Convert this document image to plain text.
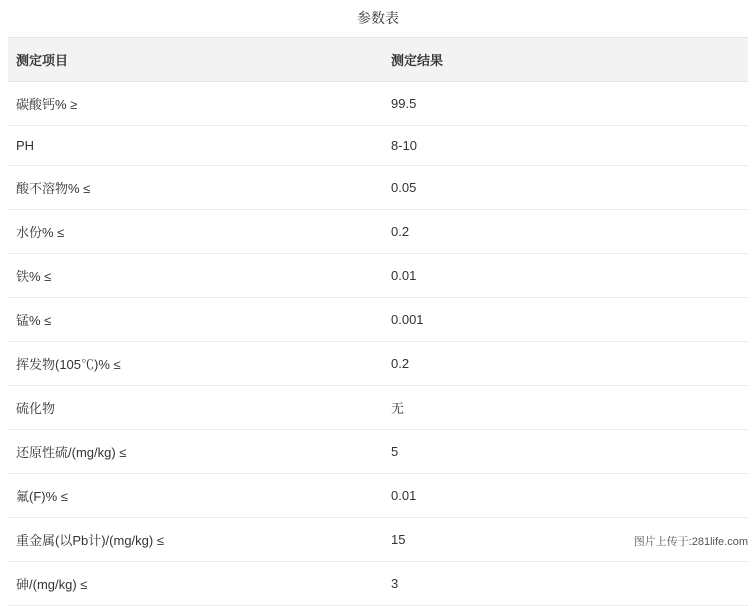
参数表
测定项目	测定结果
碳酸钙% ≥	99.5
PH	8-10
酸不溶物% ≤	0.05
水份% ≤	0.2
铁% ≤	0.01
锰% ≤	0.001
挥发物(105℃)% ≤	0.2
硫化物	无
还原性硫/(mg/kg) ≤	5
氟(F)% ≤	0.01
重金属(以Pb计)/(mg/kg) ≤	15
砷/(mg/kg) ≤	3
图片上传于:281life.com
